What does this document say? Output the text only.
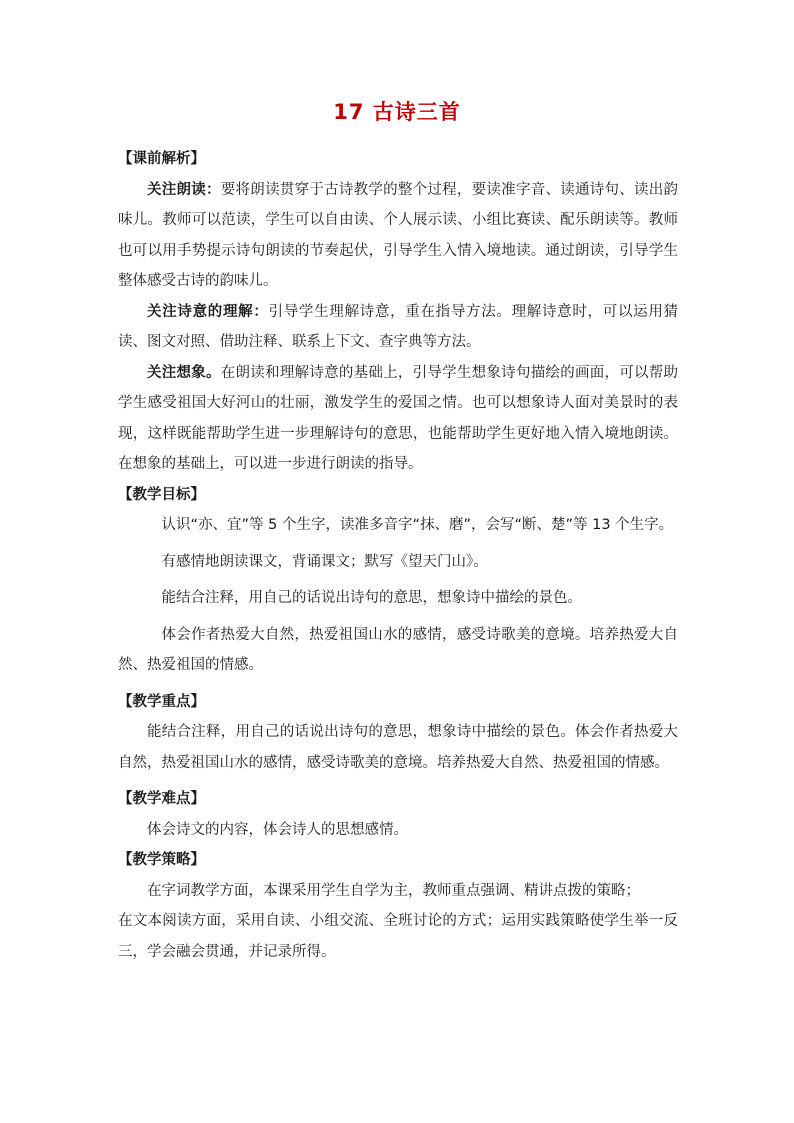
17 古诗三首
【课前解析】

关注朗读：要将朗读贯穿于古诗教学的整个过程，要读准字音、读通诗句、读出韵味儿。教师可以范读，学生可以自由读、个人展示读、小组比赛读、配乐朗读等。教师也可以用手势提示诗句朗读的节奏起伏，引导学生入情入境地读。通过朗读，引导学生整体感受古诗的韵味儿。

关注诗意的理解：引导学生理解诗意，重在指导方法。理解诗意时，可以运用猜读、图文对照、借助注释、联系上下文、查字典等方法。

关注想象。在朗读和理解诗意的基础上，引导学生想象诗句描绘的画面，可以帮助学生感受祖国大好河山的壮丽，激发学生的爱国之情。也可以想象诗人面对美景时的表现，这样既能帮助学生进一步理解诗句的意思，也能帮助学生更好地入情入境地朗读。在想象的基础上，可以进一步进行朗读的指导。

【教学目标】

认识“亦、宜”等 5 个生字，读准多音字“抹、磨”，会写“断、楚”等 13 个生字。

有感情地朗读课文，背诵课文；默写《望天门山》。

能结合注释，用自己的话说出诗句的意思，想象诗中描绘的景色。

体会作者热爱大自然，热爱祖国山水的感情，感受诗歌美的意境。培养热爱大自然、热爱祖国的情感。

【教学重点】

能结合注释，用自己的话说出诗句的意思，想象诗中描绘的景色。体会作者热爱大自然，热爱祖国山水的感情，感受诗歌美的意境。培养热爱大自然、热爱祖国的情感。

【教学难点】

体会诗文的内容，体会诗人的思想感情。

【教学策略】

在字词教学方面，本课采用学生自学为主，教师重点强调、精讲点拨的策略；

在文本阅读方面，采用自读、小组交流、全班讨论的方式；运用实践策略使学生举一反三，学会融会贯通，并记录所得。
